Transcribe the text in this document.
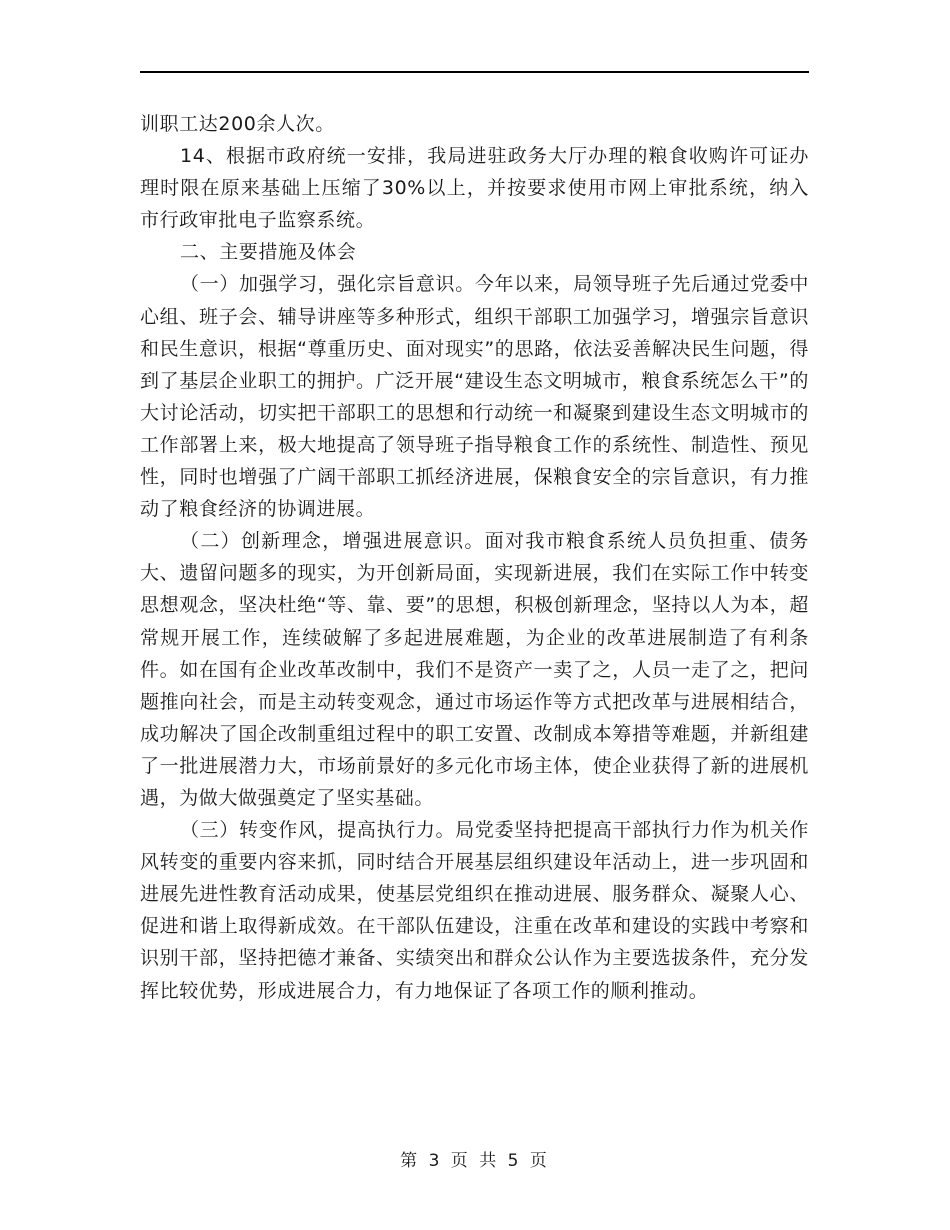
训职工达200余人次。

14、根据市政府统一安排，我局进驻政务大厅办理的粮食收购许可证办理时限在原来基础上压缩了30%以上，并按要求使用市网上审批系统，纳入市行政审批电子监察系统。

二、主要措施及体会

（一）加强学习，强化宗旨意识。今年以来，局领导班子先后通过党委中心组、班子会、辅导讲座等多种形式，组织干部职工加强学习，增强宗旨意识和民生意识，根据“尊重历史、面对现实”的思路，依法妥善解决民生问题，得到了基层企业职工的拥护。广泛开展“建设生态文明城市，粮食系统怎么干”的大讨论活动，切实把干部职工的思想和行动统一和凝聚到建设生态文明城市的工作部署上来，极大地提高了领导班子指导粮食工作的系统性、制造性、预见性，同时也增强了广阔干部职工抓经济进展，保粮食安全的宗旨意识，有力推动了粮食经济的协调进展。

（二）创新理念，增强进展意识。面对我市粮食系统人员负担重、债务大、遗留问题多的现实，为开创新局面，实现新进展，我们在实际工作中转变思想观念，坚决杜绝“等、靠、要”的思想，积极创新理念，坚持以人为本，超常规开展工作，连续破解了多起进展难题，为企业的改革进展制造了有利条件。如在国有企业改革改制中，我们不是资产一卖了之，人员一走了之，把问题推向社会，而是主动转变观念，通过市场运作等方式把改革与进展相结合，成功解决了国企改制重组过程中的职工安置、改制成本筹措等难题，并新组建了一批进展潜力大，市场前景好的多元化市场主体，使企业获得了新的进展机遇，为做大做强奠定了坚实基础。

（三）转变作风，提高执行力。局党委坚持把提高干部执行力作为机关作风转变的重要内容来抓，同时结合开展基层组织建设年活动上，进一步巩固和进展先进性教育活动成果，使基层党组织在推动进展、服务群众、凝聚人心、促进和谐上取得新成效。在干部队伍建设，注重在改革和建设的实践中考察和识别干部，坚持把德才兼备、实绩突出和群众公认作为主要选拔条件，充分发挥比较优势，形成进展合力，有力地保证了各项工作的顺利推动。

第 3 页 共 5 页
